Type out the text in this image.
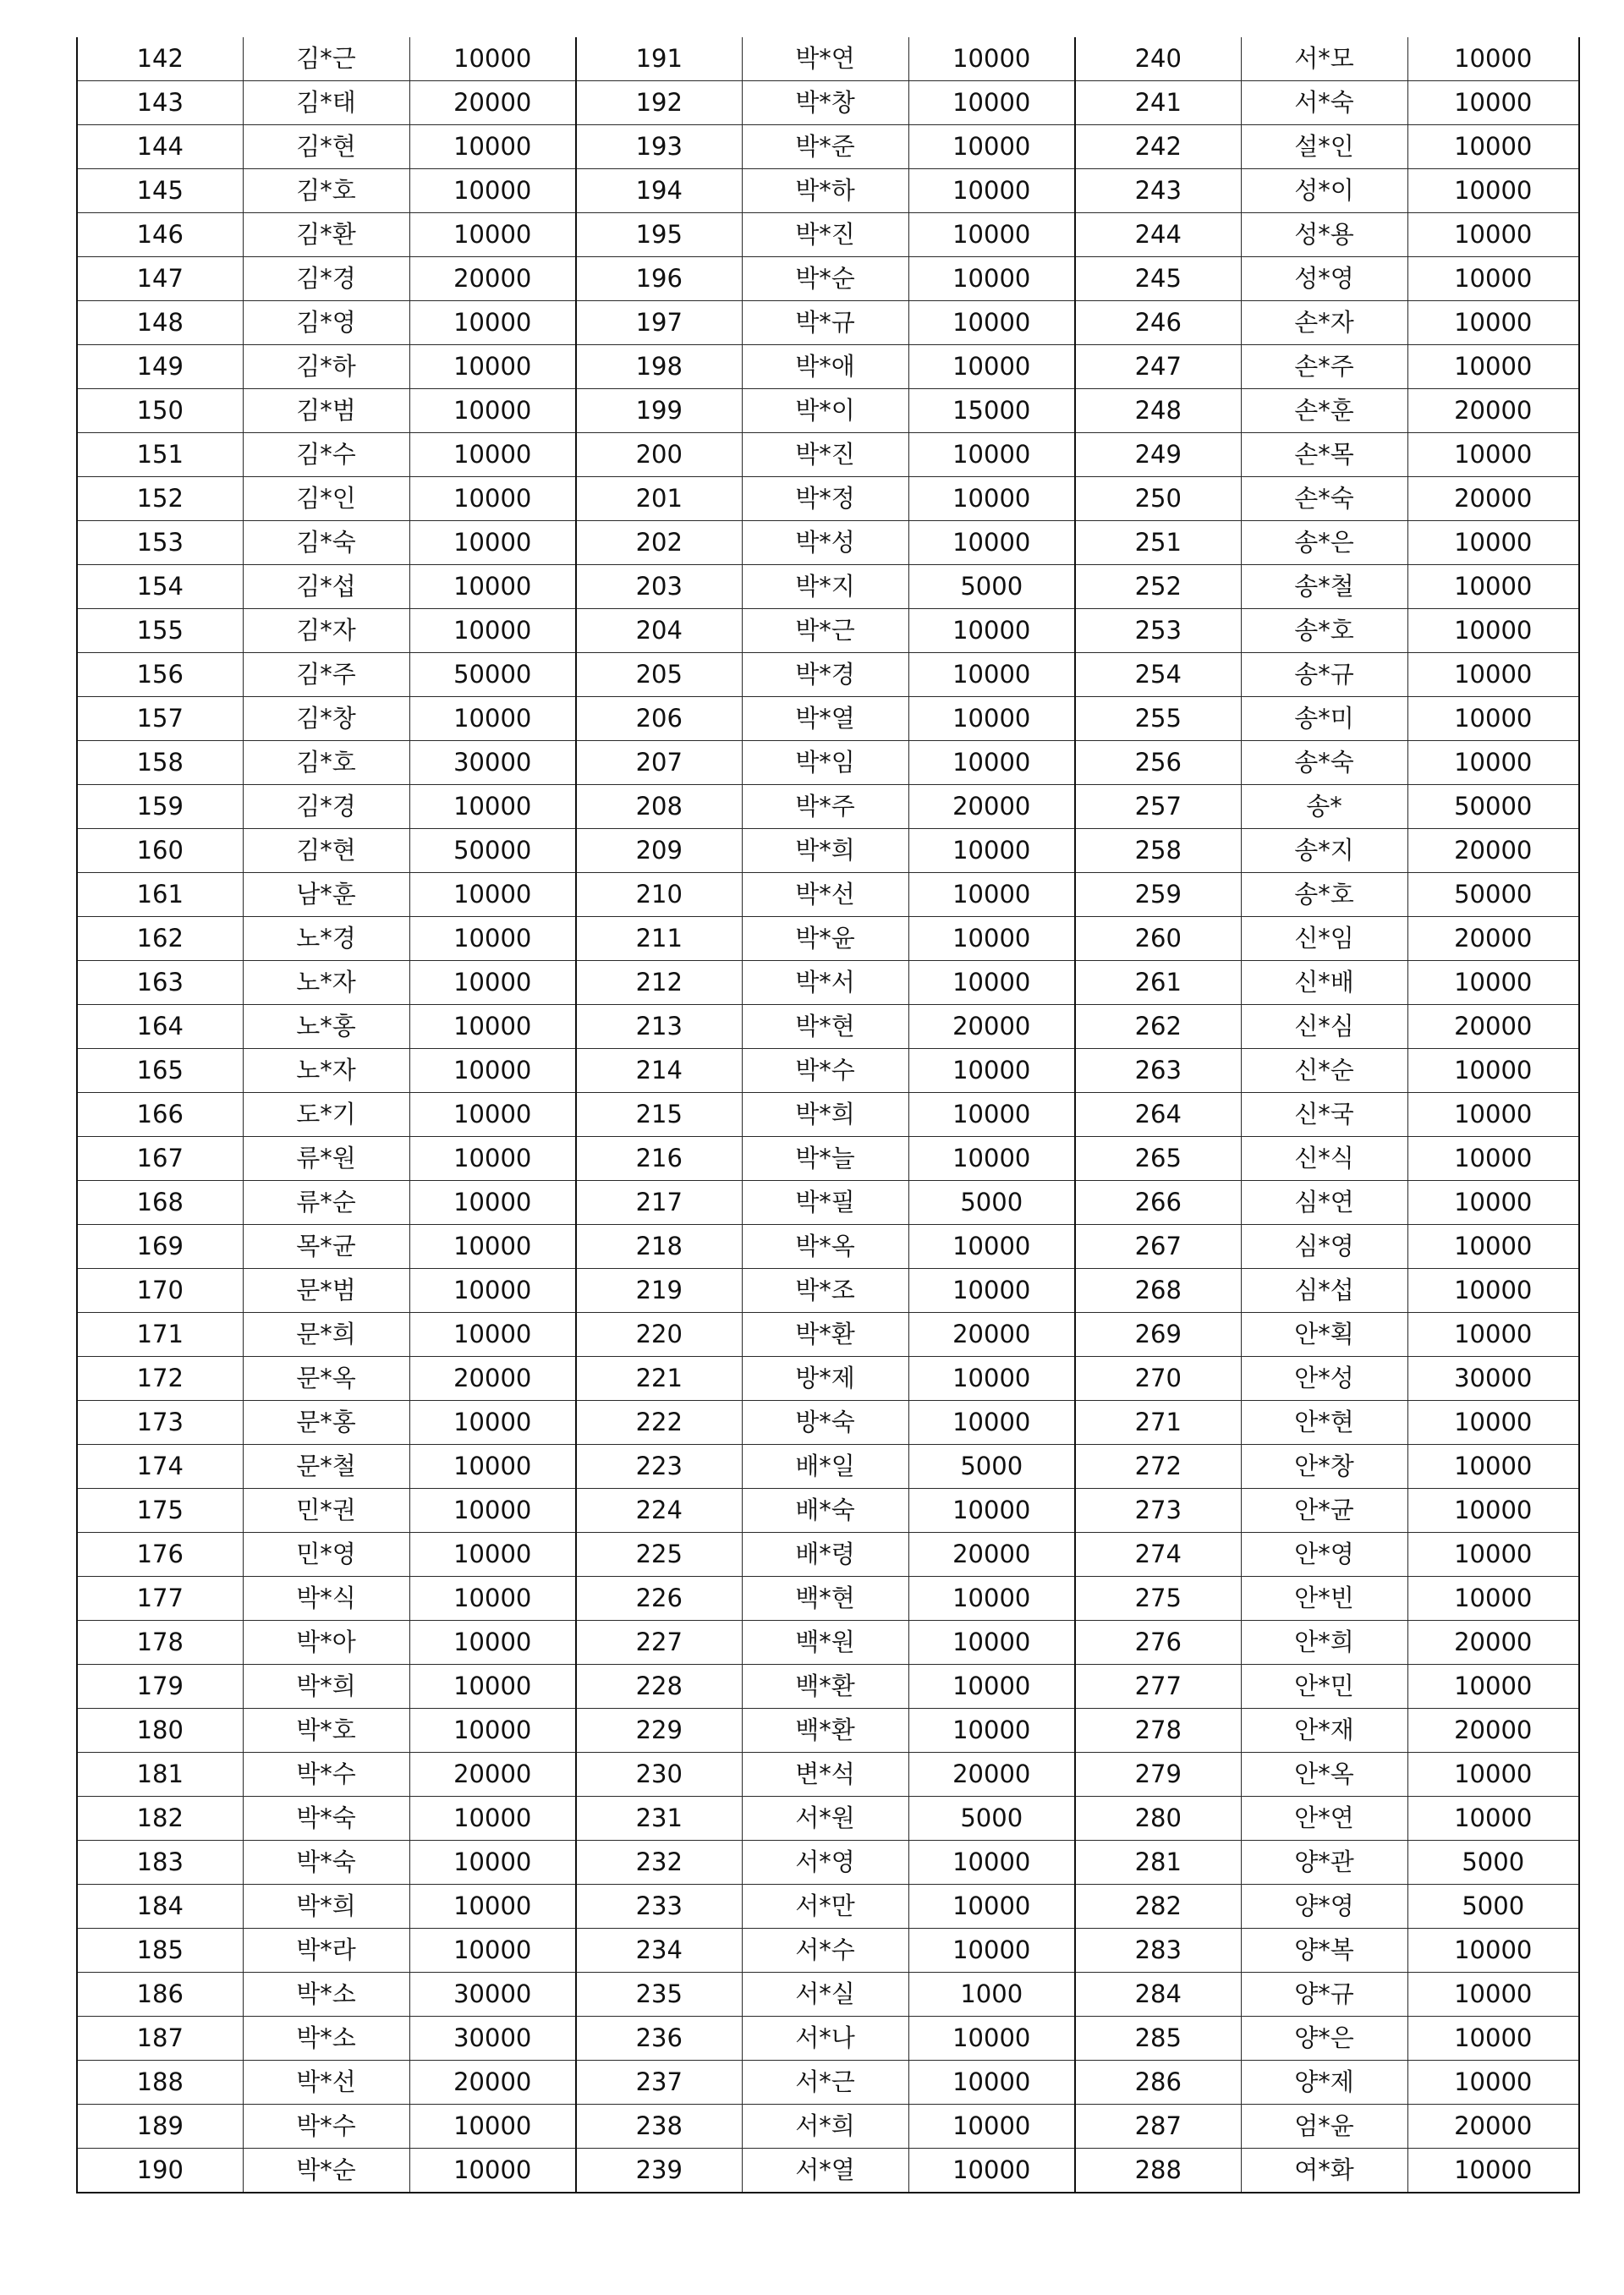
142	김*근	10000	191	박*연	10000	240	서*모	10000
143	김*태	20000	192	박*창	10000	241	서*숙	10000
144	김*현	10000	193	박*준	10000	242	설*인	10000
145	김*호	10000	194	박*하	10000	243	성*이	10000
146	김*환	10000	195	박*진	10000	244	성*용	10000
147	김*경	20000	196	박*순	10000	245	성*영	10000
148	김*영	10000	197	박*규	10000	246	손*자	10000
149	김*하	10000	198	박*애	10000	247	손*주	10000
150	김*범	10000	199	박*이	15000	248	손*훈	20000
151	김*수	10000	200	박*진	10000	249	손*목	10000
152	김*인	10000	201	박*정	10000	250	손*숙	20000
153	김*숙	10000	202	박*성	10000	251	송*은	10000
154	김*섭	10000	203	박*지	5000	252	송*철	10000
155	김*자	10000	204	박*근	10000	253	송*호	10000
156	김*주	50000	205	박*경	10000	254	송*규	10000
157	김*창	10000	206	박*열	10000	255	송*미	10000
158	김*호	30000	207	박*임	10000	256	송*숙	10000
159	김*경	10000	208	박*주	20000	257	송*	50000
160	김*현	50000	209	박*희	10000	258	송*지	20000
161	남*훈	10000	210	박*선	10000	259	송*호	50000
162	노*경	10000	211	박*윤	10000	260	신*임	20000
163	노*자	10000	212	박*서	10000	261	신*배	10000
164	노*홍	10000	213	박*현	20000	262	신*심	20000
165	노*자	10000	214	박*수	10000	263	신*순	10000
166	도*기	10000	215	박*희	10000	264	신*국	10000
167	류*원	10000	216	박*늘	10000	265	신*식	10000
168	류*순	10000	217	박*필	5000	266	심*연	10000
169	목*균	10000	218	박*옥	10000	267	심*영	10000
170	문*범	10000	219	박*조	10000	268	심*섭	10000
171	문*희	10000	220	박*환	20000	269	안*획	10000
172	문*옥	20000	221	방*제	10000	270	안*성	30000
173	문*홍	10000	222	방*숙	10000	271	안*현	10000
174	문*철	10000	223	배*일	5000	272	안*창	10000
175	민*권	10000	224	배*숙	10000	273	안*균	10000
176	민*영	10000	225	배*령	20000	274	안*영	10000
177	박*식	10000	226	백*현	10000	275	안*빈	10000
178	박*아	10000	227	백*원	10000	276	안*희	20000
179	박*희	10000	228	백*환	10000	277	안*민	10000
180	박*호	10000	229	백*환	10000	278	안*재	20000
181	박*수	20000	230	변*석	20000	279	안*옥	10000
182	박*숙	10000	231	서*원	5000	280	안*연	10000
183	박*숙	10000	232	서*영	10000	281	양*관	5000
184	박*희	10000	233	서*만	10000	282	양*영	5000
185	박*라	10000	234	서*수	10000	283	양*복	10000
186	박*소	30000	235	서*실	1000	284	양*규	10000
187	박*소	30000	236	서*나	10000	285	양*은	10000
188	박*선	20000	237	서*근	10000	286	양*제	10000
189	박*수	10000	238	서*희	10000	287	엄*윤	20000
190	박*순	10000	239	서*열	10000	288	여*화	10000
